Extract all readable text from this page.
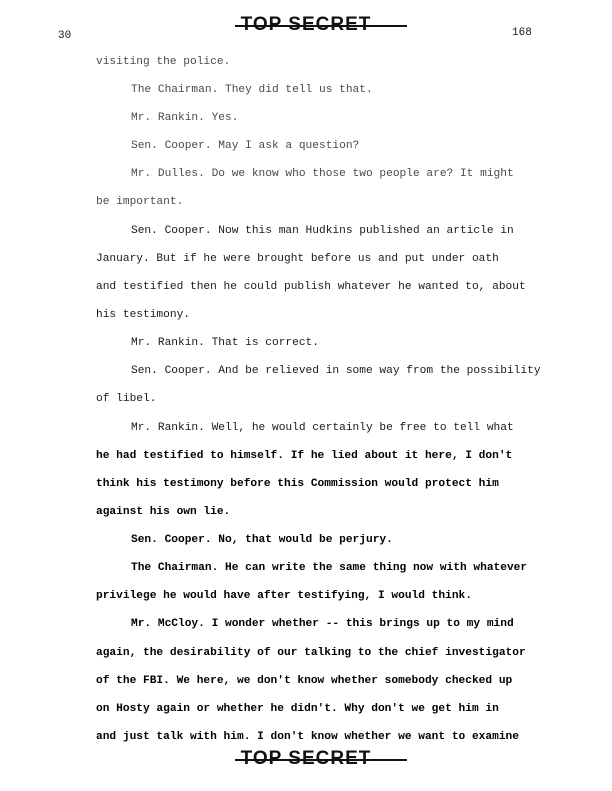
30	168
visiting the police.
The Chairman. They did tell us that.
Mr. Rankin. Yes.
Sen. Cooper. May I ask a question?
Mr. Dulles. Do we know who those two people are? It might
be important.
Sen. Cooper. Now this man Hudkins published an article in
January. But if he were brought before us and put under oath
and testified then he could publish whatever he wanted to, about
his testimony.
Mr. Rankin. That is correct.
Sen. Cooper. And be relieved in some way from the possibility
of libel.
Mr. Rankin. Well, he would certainly be free to tell what
he had testified to himself. If he lied about it here, I don't
think his testimony before this Commission would protect him
against his own lie.
Sen. Cooper. No, that would be perjury.
The Chairman. He can write the same thing now with whatever
privilege he would have after testifying, I would think.
Mr. McCloy. I wonder whether -- this brings up to my mind
again, the desirability of our talking to the chief investigator
of the FBI. We here, we don't know whether somebody checked up
on Hosty again or whether he didn't. Why don't we get him in
and just talk with him. I don't know whether we want to examine
